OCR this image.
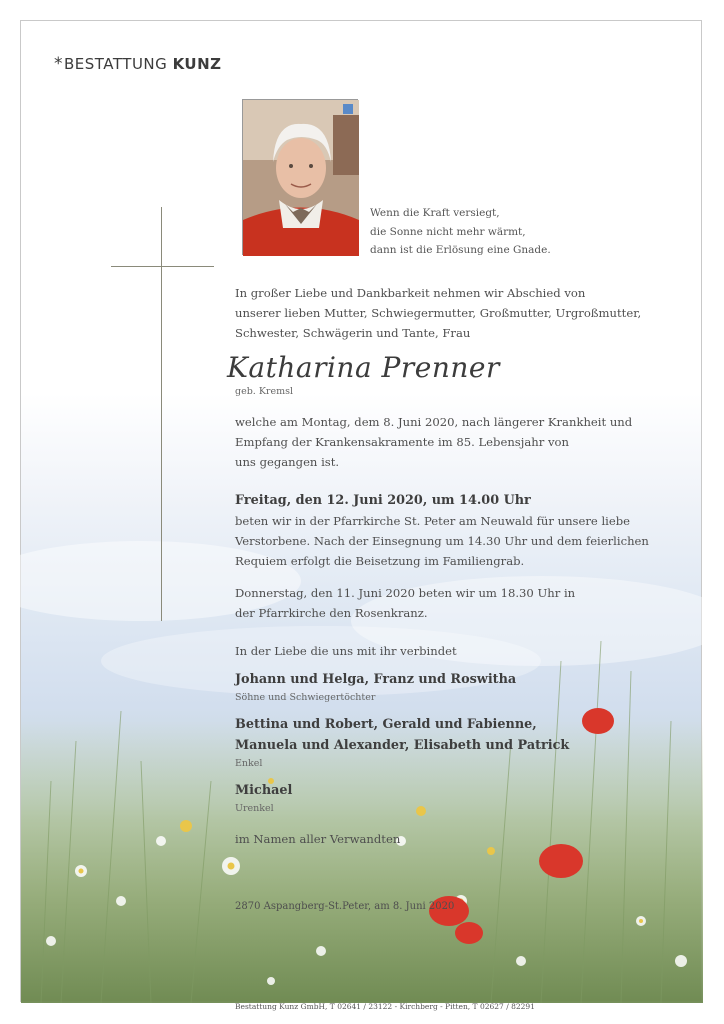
*BESTATTUNG KUNZ
Wenn die Kraft versiegt,
die Sonne nicht mehr wärmt,
dann ist die Erlösung eine Gnade.
In großer Liebe und Dankbarkeit nehmen wir Abschied von
unserer lieben Mutter, Schwiegermutter, Großmutter, Urgroßmutter,
Schwester, Schwägerin und Tante, Frau
Katharina Prenner
geb. Kremsl
welche am Montag, dem 8. Juni 2020, nach längerer Krankheit und
Empfang der Krankensakramente im 85. Lebensjahr von
uns gegangen ist.
Freitag, den 12. Juni 2020, um 14.00 Uhr
beten wir in der Pfarrkirche St. Peter am Neuwald für unsere liebe
Verstorbene. Nach der Einsegnung um 14.30 Uhr und dem feierlichen
Requiem erfolgt die Beisetzung im Familiengrab.
Donnerstag, den 11. Juni 2020 beten wir um 18.30 Uhr in
der Pfarrkirche den Rosenkranz.
In der Liebe die uns mit ihr verbindet
Johann und Helga, Franz und Roswitha
Söhne und Schwiegertöchter
Bettina und Robert, Gerald und Fabienne,
Manuela und Alexander, Elisabeth und Patrick
Enkel
Michael
Urenkel
im Namen aller Verwandten
2870 Aspangberg-St.Peter, am 8. Juni 2020
Bestattung Kunz GmbH, T 02641 / 23122 - Kirchberg - Pitten, T 02627 / 82291
